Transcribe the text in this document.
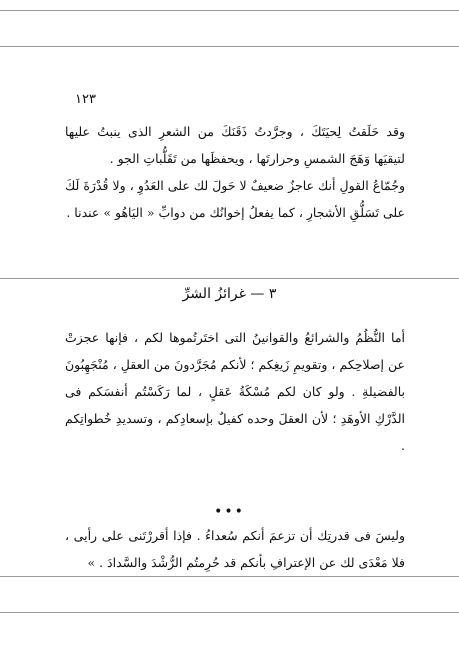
١٢٣
وقد حَلَقتُ لِحيَتَكَ ، وجرَّدتُ ذَقَنَكَ من الشعرِ الذى ينبتُ عليها لتيقيَها وَهَجَ الشمسِ وحرارتَها ، ويحفظَها من تَقَلُّباتِ الجو .
وجُمّاعُ القولِ أنك عاجزٌ ضعيفٌ لا حَولَ لك على العَدُوِ ، ولا قُدْرَةَ لَكَ على تَسَلُّقِ الأشجارِ ، كما يفعلُ إخوانُك من دوابِّ « اليَاهُو » عندنا .
٣ — غرائزُ الشرِّ
أما النُّظُمُ والشرائعُ والقوانينُ التى اختَرتُموها لكم ، فإنها عجزتْ عن إصلاحِكم ، وتقويمِ زَيغِكم ؛ لأنكم مُجَرَّدونَ من العقلِ ، مُنْجَهِبُونَ بالفضيلةِ . ولو كان لكم مُسْكَةُ عَقلٍ ، لما رَكَسْتُم أنفسَكم فى الدَّرْكِ الأوهَدِ ؛ لأن العقلَ وحده كفيلٌ بإسعادِكم ، وتسديدِ خُطواتِكم .
•••
وليسَ فى قدرتِك أن تزعمَ أنكم سُعداءُ . فإذا أقررْتَنى على رأيى ، فلا مَعْدَى لك عن الإعترافِ بأنكم قد حُرِمتُم الرُّشْدَ والسَّدادَ . »
